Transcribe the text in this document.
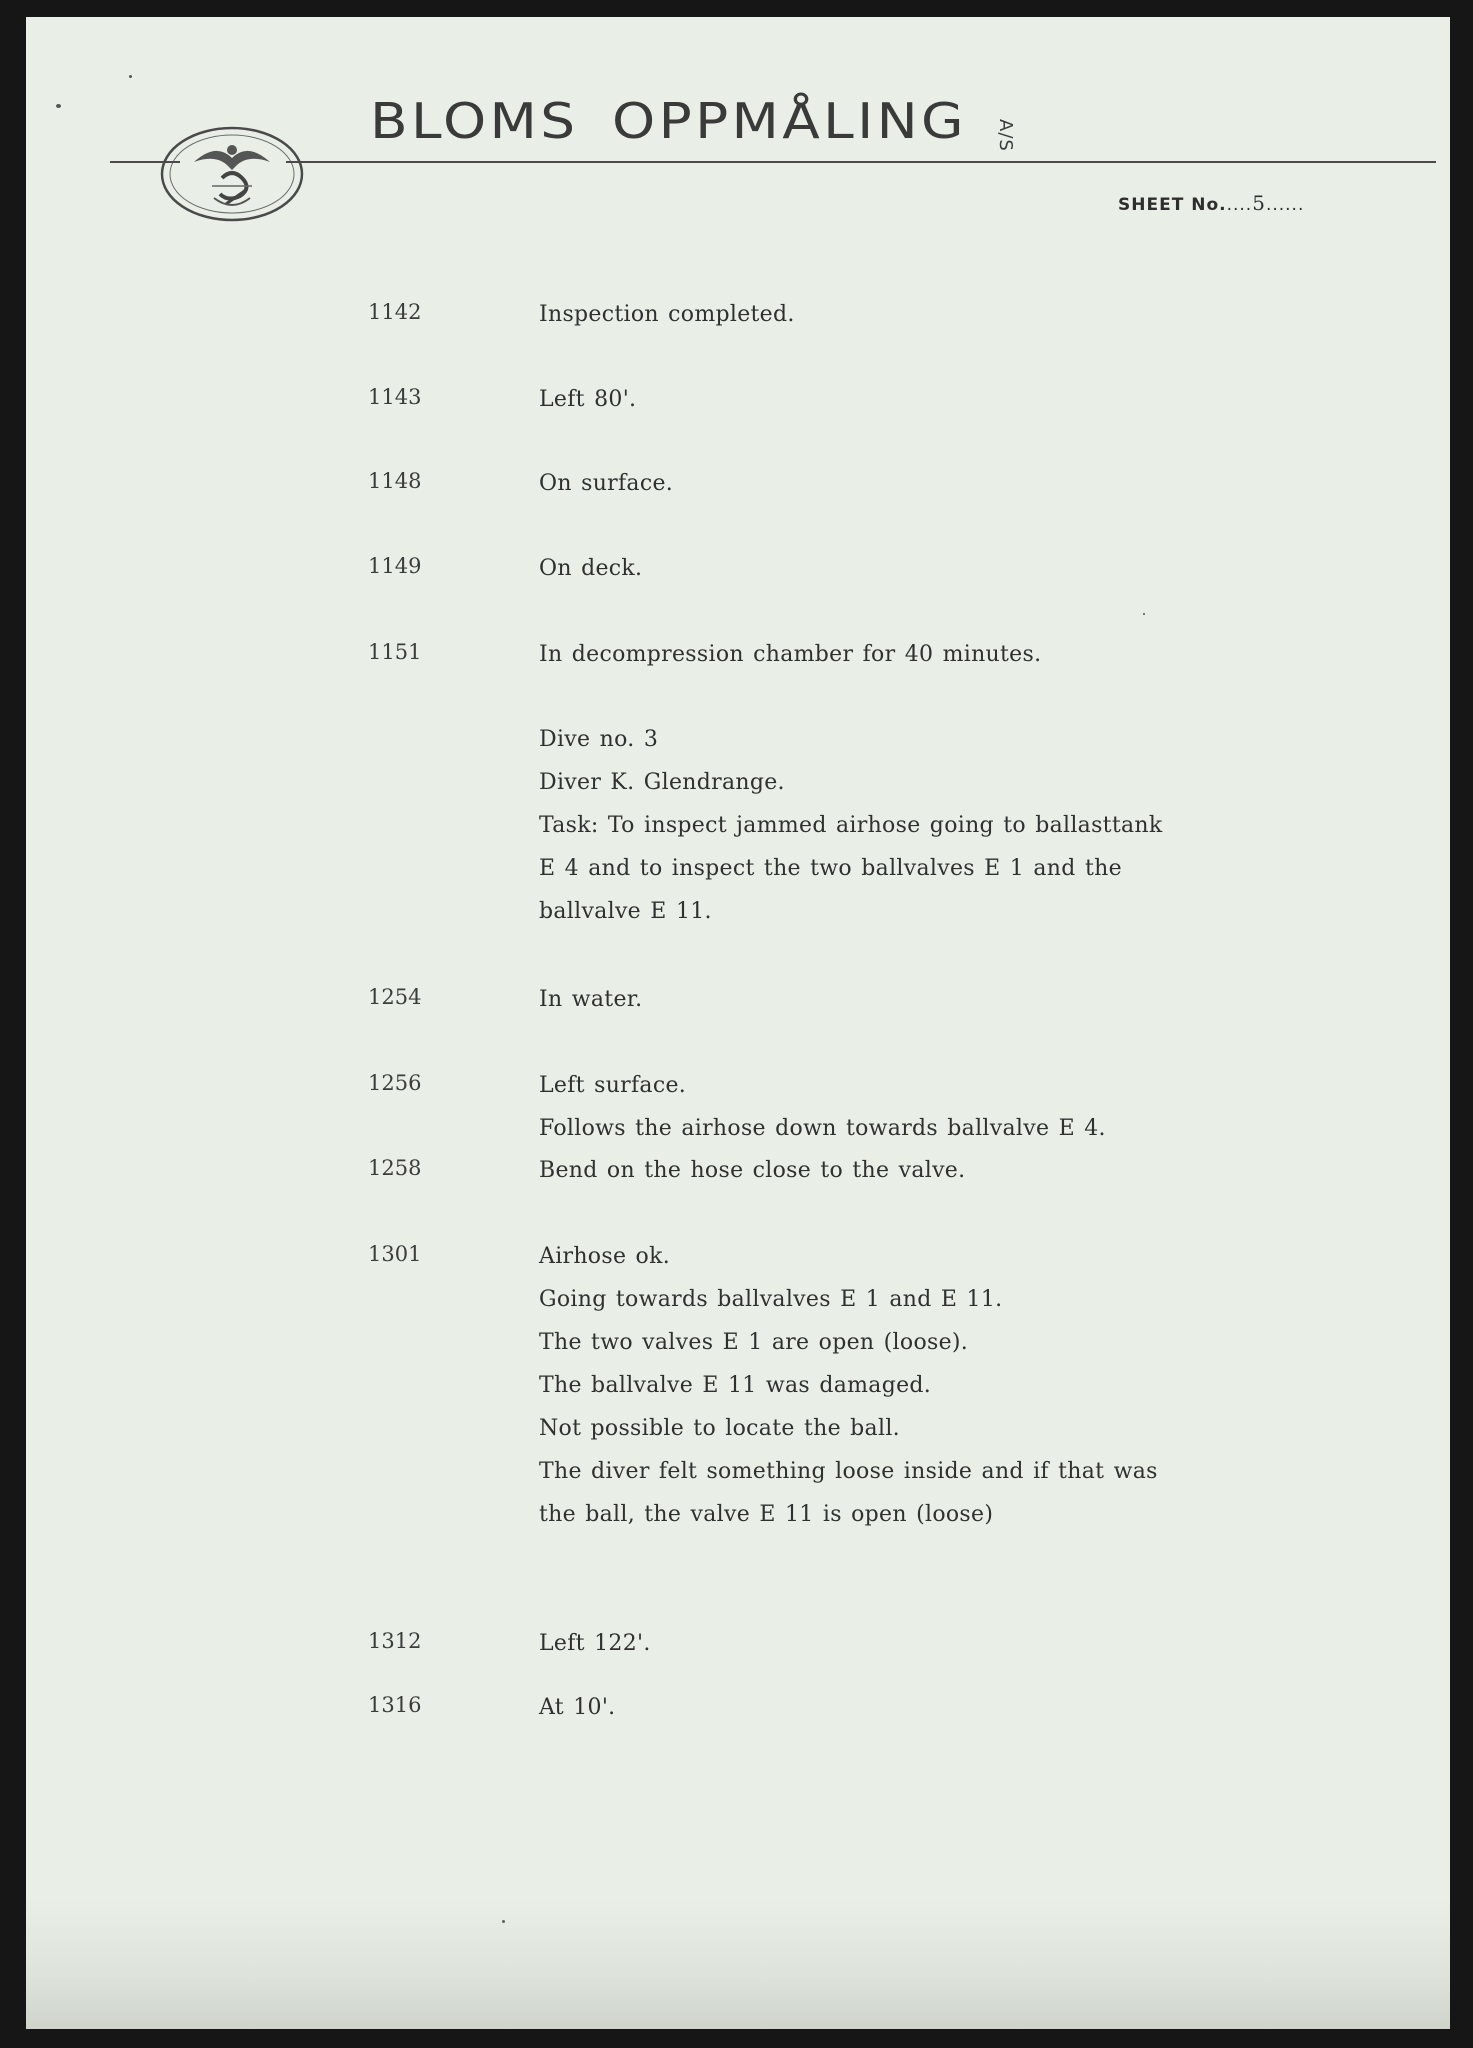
BLOMS OPPMÅLING A/S
SHEET No.....5......
1142	Inspection completed.
1143	Left 80'.
1148	On surface.
1149	On deck.
1151	In decompression chamber for 40 minutes.
Dive no. 3
Diver K. Glendrange.
Task: To inspect jammed airhose going to ballasttank
E 4 and to inspect the two ballvalves E 1 and the
ballvalve E 11.
1254	In water.
1256	Left surface.
Follows the airhose down towards ballvalve E 4.
1258	Bend on the hose close to the valve.
1301	Airhose ok.
Going towards ballvalves E 1 and E 11.
The two valves E 1 are open (loose).
The ballvalve E 11 was damaged.
Not possible to locate the ball.
The diver felt something loose inside and if that was
the ball, the valve E 11 is open (loose)
1312	Left 122'.
1316	At 10'.
